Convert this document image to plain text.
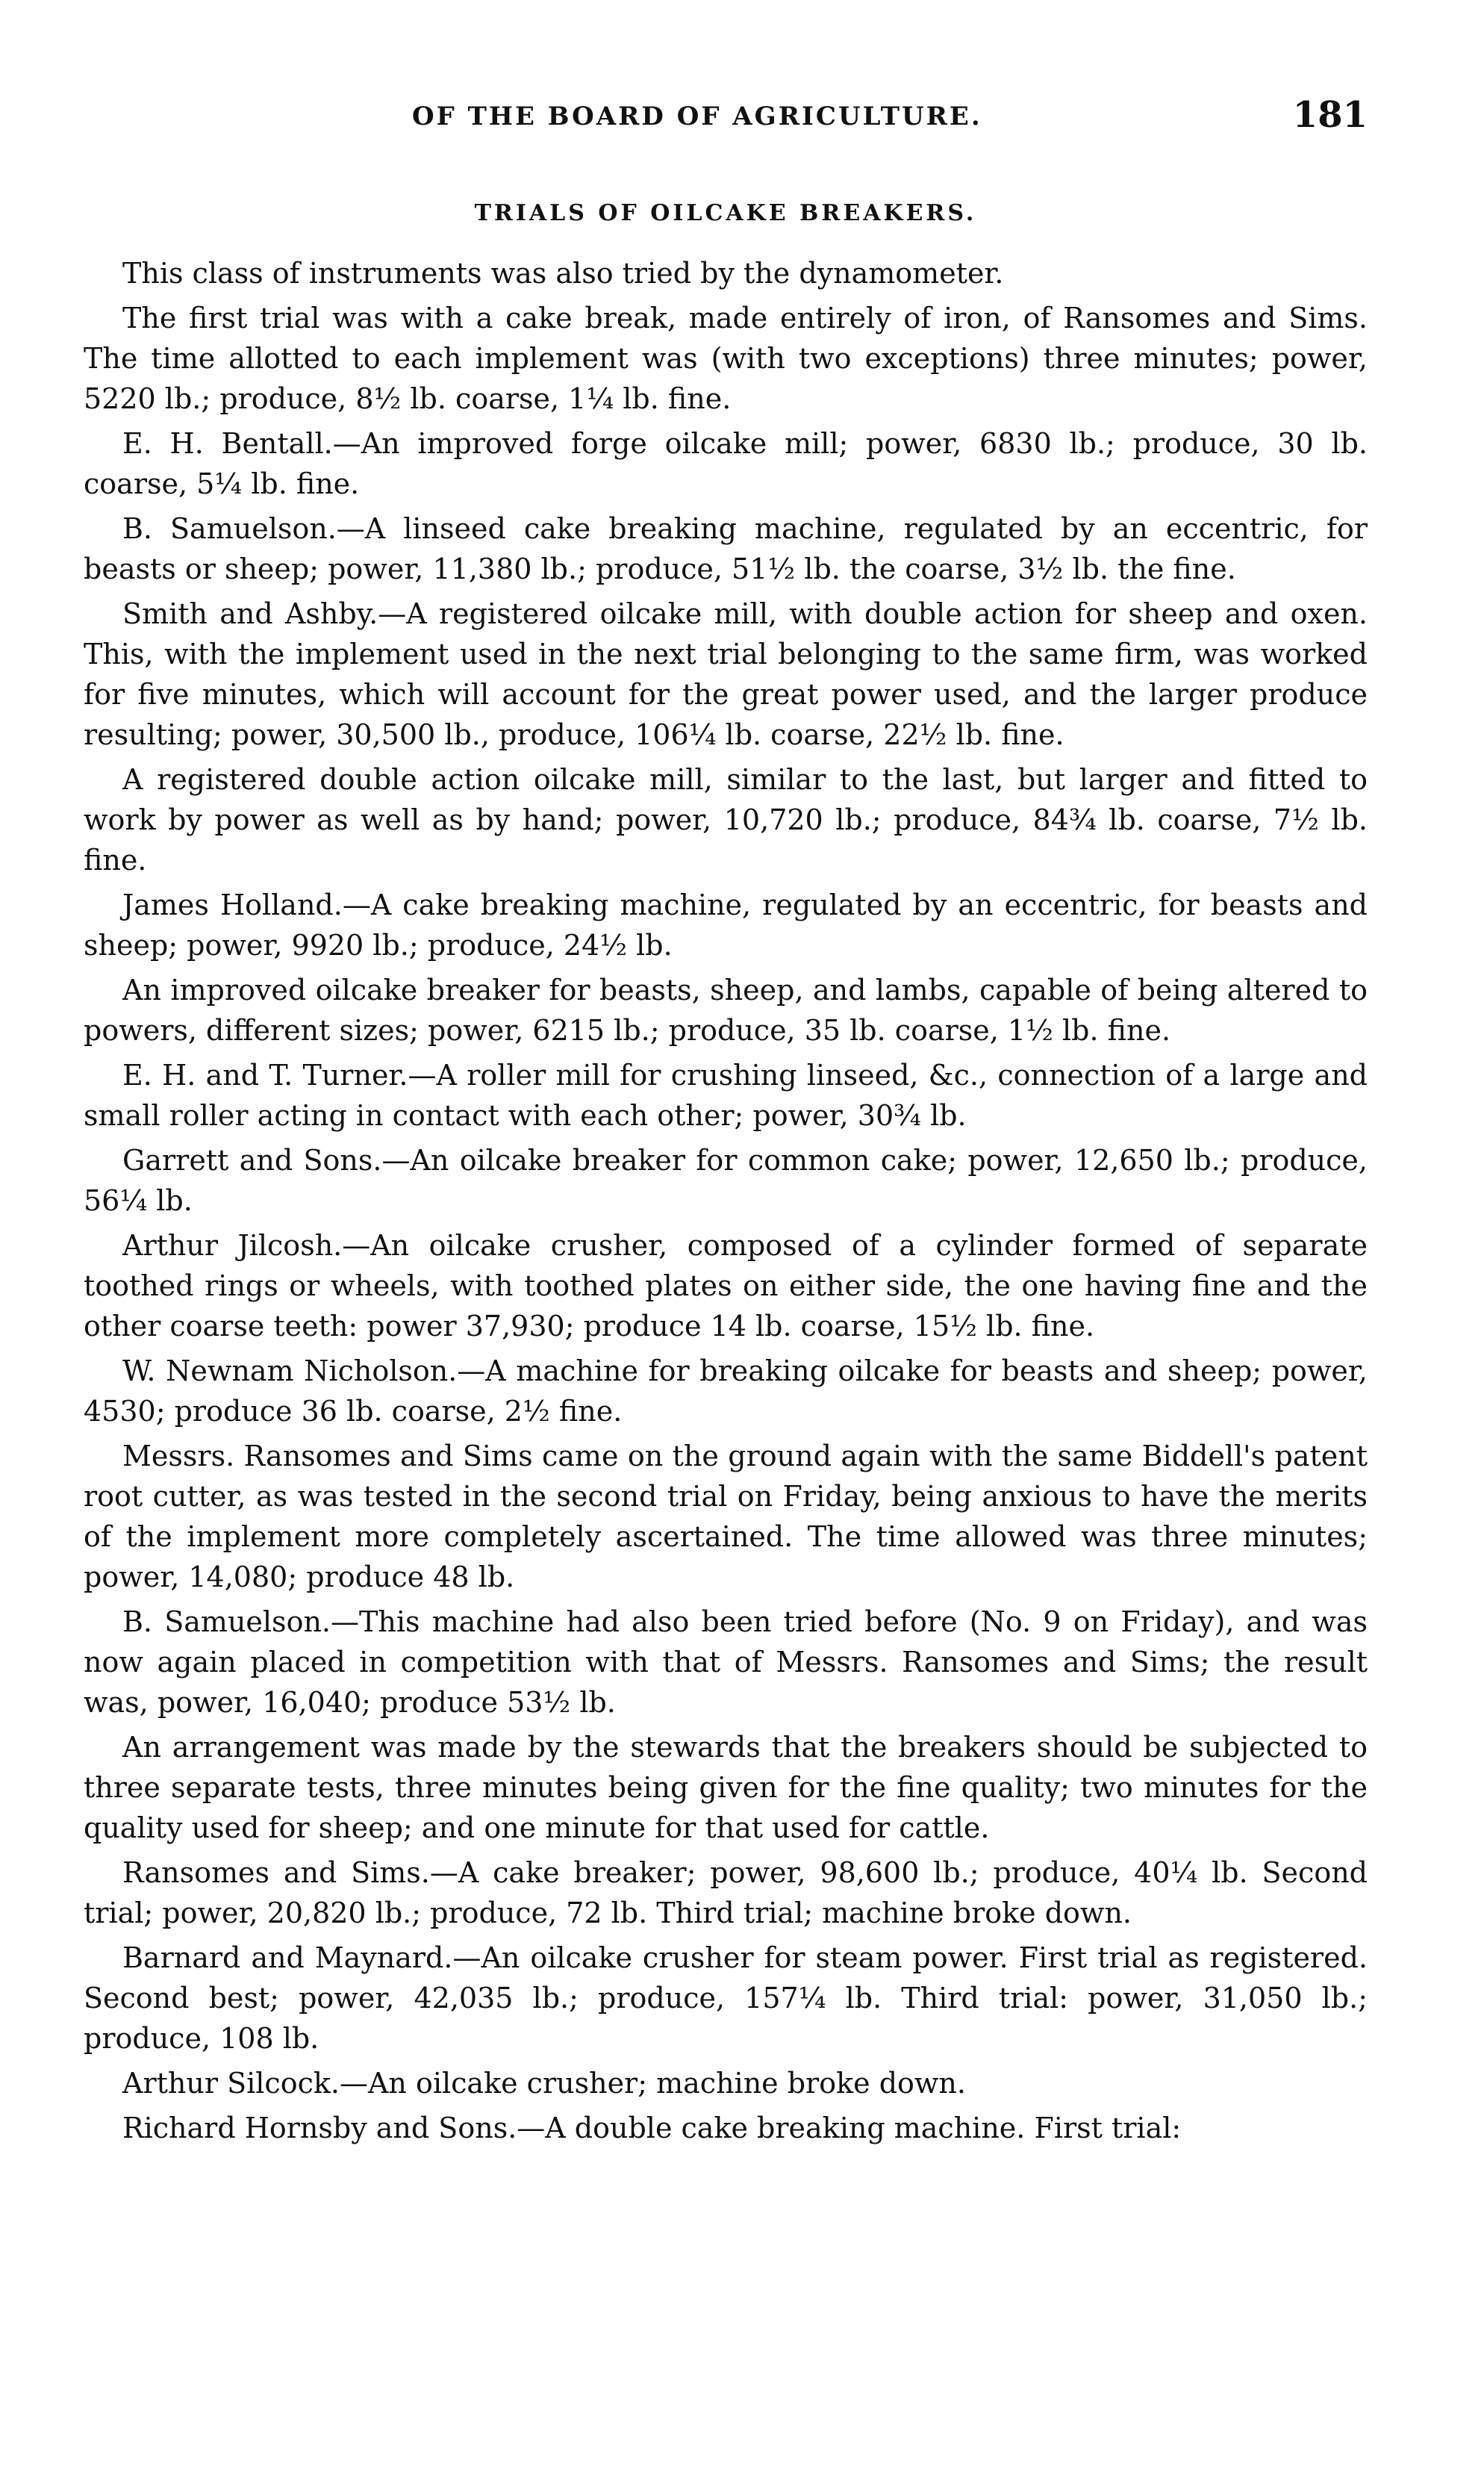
OF THE BOARD OF AGRICULTURE.	181
TRIALS OF OILCAKE BREAKERS.

This class of instruments was also tried by the dynamometer.

The first trial was with a cake break, made entirely of iron, of Ransomes and Sims. The time allotted to each implement was (with two exceptions) three minutes; power, 5220 lb.; produce, 8½ lb. coarse, 1¼ lb. fine.

E. H. Bentall.—An improved forge oilcake mill; power, 6830 lb.; produce, 30 lb. coarse, 5¼ lb. fine.

B. Samuelson.—A linseed cake breaking machine, regulated by an eccentric, for beasts or sheep; power, 11,380 lb.; produce, 51½ lb. the coarse, 3½ lb. the fine.

Smith and Ashby.—A registered oilcake mill, with double action for sheep and oxen. This, with the implement used in the next trial belonging to the same firm, was worked for five minutes, which will account for the great power used, and the larger produce resulting; power, 30,500 lb., produce, 106¼ lb. coarse, 22½ lb. fine.

A registered double action oilcake mill, similar to the last, but larger and fitted to work by power as well as by hand; power, 10,720 lb.; produce, 84¾ lb. coarse, 7½ lb. fine.

James Holland.—A cake breaking machine, regulated by an eccentric, for beasts and sheep; power, 9920 lb.; produce, 24½ lb.

An improved oilcake breaker for beasts, sheep, and lambs, capable of being altered to powers, different sizes; power, 6215 lb.; produce, 35 lb. coarse, 1½ lb. fine.

E. H. and T. Turner.—A roller mill for crushing linseed, &c., connection of a large and small roller acting in contact with each other; power, 30¾ lb.

Garrett and Sons.—An oilcake breaker for common cake; power, 12,650 lb.; produce, 56¼ lb.

Arthur Jilcosh.—An oilcake crusher, composed of a cylinder formed of separate toothed rings or wheels, with toothed plates on either side, the one having fine and the other coarse teeth: power 37,930; produce 14 lb. coarse, 15½ lb. fine.

W. Newnam Nicholson.—A machine for breaking oilcake for beasts and sheep; power, 4530; produce 36 lb. coarse, 2½ fine.

Messrs. Ransomes and Sims came on the ground again with the same Biddell's patent root cutter, as was tested in the second trial on Friday, being anxious to have the merits of the implement more completely ascertained. The time allowed was three minutes; power, 14,080; produce 48 lb.

B. Samuelson.—This machine had also been tried before (No. 9 on Friday), and was now again placed in competition with that of Messrs. Ransomes and Sims; the result was, power, 16,040; produce 53½ lb.

An arrangement was made by the stewards that the breakers should be subjected to three separate tests, three minutes being given for the fine quality; two minutes for the quality used for sheep; and one minute for that used for cattle.

Ransomes and Sims.—A cake breaker; power, 98,600 lb.; produce, 40¼ lb. Second trial; power, 20,820 lb.; produce, 72 lb. Third trial; machine broke down.

Barnard and Maynard.—An oilcake crusher for steam power. First trial as registered. Second best; power, 42,035 lb.; produce, 157¼ lb. Third trial: power, 31,050 lb.; produce, 108 lb.

Arthur Silcock.—An oilcake crusher; machine broke down.

Richard Hornsby and Sons.—A double cake breaking machine. First trial:
